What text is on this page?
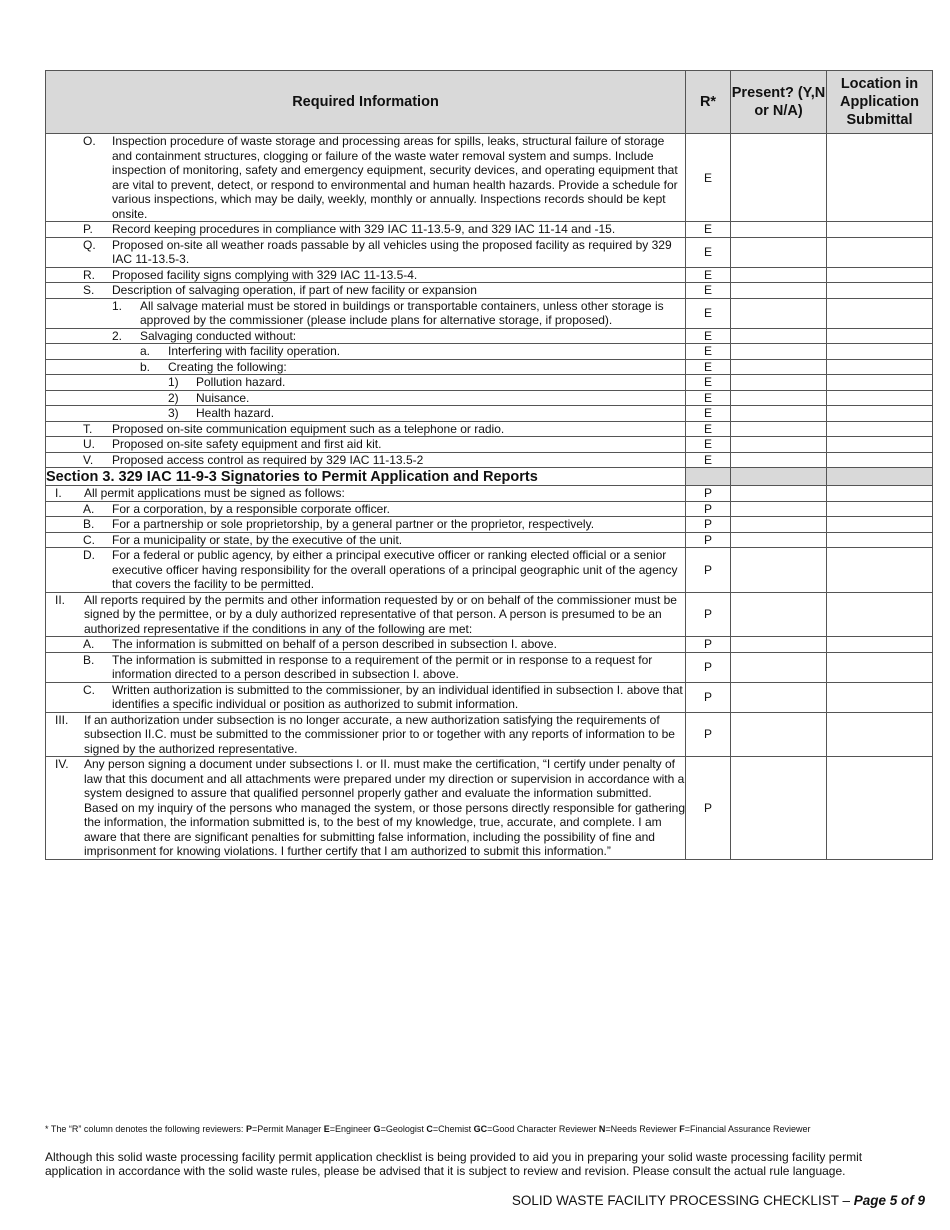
Required Information	R*	Present? (Y,N or N/A)	Location in Application Submittal

O. Inspection procedure of waste storage and processing areas for spills, leaks, structural failure of storage and containment structures, clogging or failure of the waste water removal system and sumps. Include inspection of monitoring, safety and emergency equipment, security devices, and operating equipment that are vital to prevent, detect, or respond to environmental and human health hazards. Provide a schedule for various inspections, which may be daily, weekly, monthly or annually. Inspections records should be kept onsite.	E		

P. Record keeping procedures in compliance with 329 IAC 11-13.5-9, and 329 IAC 11-14 and -15.	E		

Q. Proposed on-site all weather roads passable by all vehicles using the proposed facility as required by 329 IAC 11-13.5-3.	E		

R. Proposed facility signs complying with 329 IAC 11-13.5-4.	E		

S. Description of salvaging operation, if part of new facility or expansion	E		

1. All salvage material must be stored in buildings or transportable containers, unless other storage is approved by the commissioner (please include plans for alternative storage, if proposed).	E		

2. Salvaging conducted without:	E		

a. Interfering with facility operation.	E		

b. Creating the following:	E		

1) Pollution hazard.	E		

2) Nuisance.	E		

3) Health hazard.	E		

T. Proposed on-site communication equipment such as a telephone or radio.	E		

U. Proposed on-site safety equipment and first aid kit.	E		

V. Proposed access control as required by 329 IAC 11-13.5-2	E		
Section 3. 329 IAC 11-9-3 Signatories to Permit Application and Reports			

I. All permit applications must be signed as follows:	P		

A. For a corporation, by a responsible corporate officer.	P		

B. For a partnership or sole proprietorship, by a general partner or the proprietor, respectively.	P		

C. For a municipality or state, by the executive of the unit.	P		

D. For a federal or public agency, by either a principal executive officer or ranking elected official or a senior executive officer having responsibility for the overall operations of a principal geographic unit of the agency that covers the facility to be permitted.	P		

II. All reports required by the permits and other information requested by or on behalf of the commissioner must be signed by the permittee, or by a duly authorized representative of that person. A person is presumed to be an authorized representative if the conditions in any of the following are met:	P		

A. The information is submitted on behalf of a person described in subsection I. above.	P		

B. The information is submitted in response to a requirement of the permit or in response to a request for information directed to a person described in subsection I. above.	P		

C. Written authorization is submitted to the commissioner, by an individual identified in subsection I. above that identifies a specific individual or position as authorized to submit information.	P		

III. If an authorization under subsection is no longer accurate, a new authorization satisfying the requirements of subsection II.C. must be submitted to the commissioner prior to or together with any reports of information to be signed by the authorized representative.	P		

IV. Any person signing a document under subsections I. or II. must make the certification, “I certify under penalty of law that this document and all attachments were prepared under my direction or supervision in accordance with a system designed to assure that qualified personnel properly gather and evaluate the information submitted. Based on my inquiry of the persons who managed the system, or those persons directly responsible for gathering the information, the information submitted is, to the best of my knowledge, true, accurate, and complete. I am aware that there are significant penalties for submitting false information, including the possibility of fine and imprisonment for knowing violations. I further certify that I am authorized to submit this information.”	P		
* The “R” column denotes the following reviewers: P=Permit Manager E=Engineer G=Geologist C=Chemist GC=Good Character Reviewer N=Needs Reviewer F=Financial Assurance Reviewer
Although this solid waste processing facility permit application checklist is being provided to aid you in preparing your solid waste processing facility permit application in accordance with the solid waste rules, please be advised that it is subject to review and revision. Please consult the actual rule language.
SOLID WASTE FACILITY PROCESSING CHECKLIST – Page 5 of 9
